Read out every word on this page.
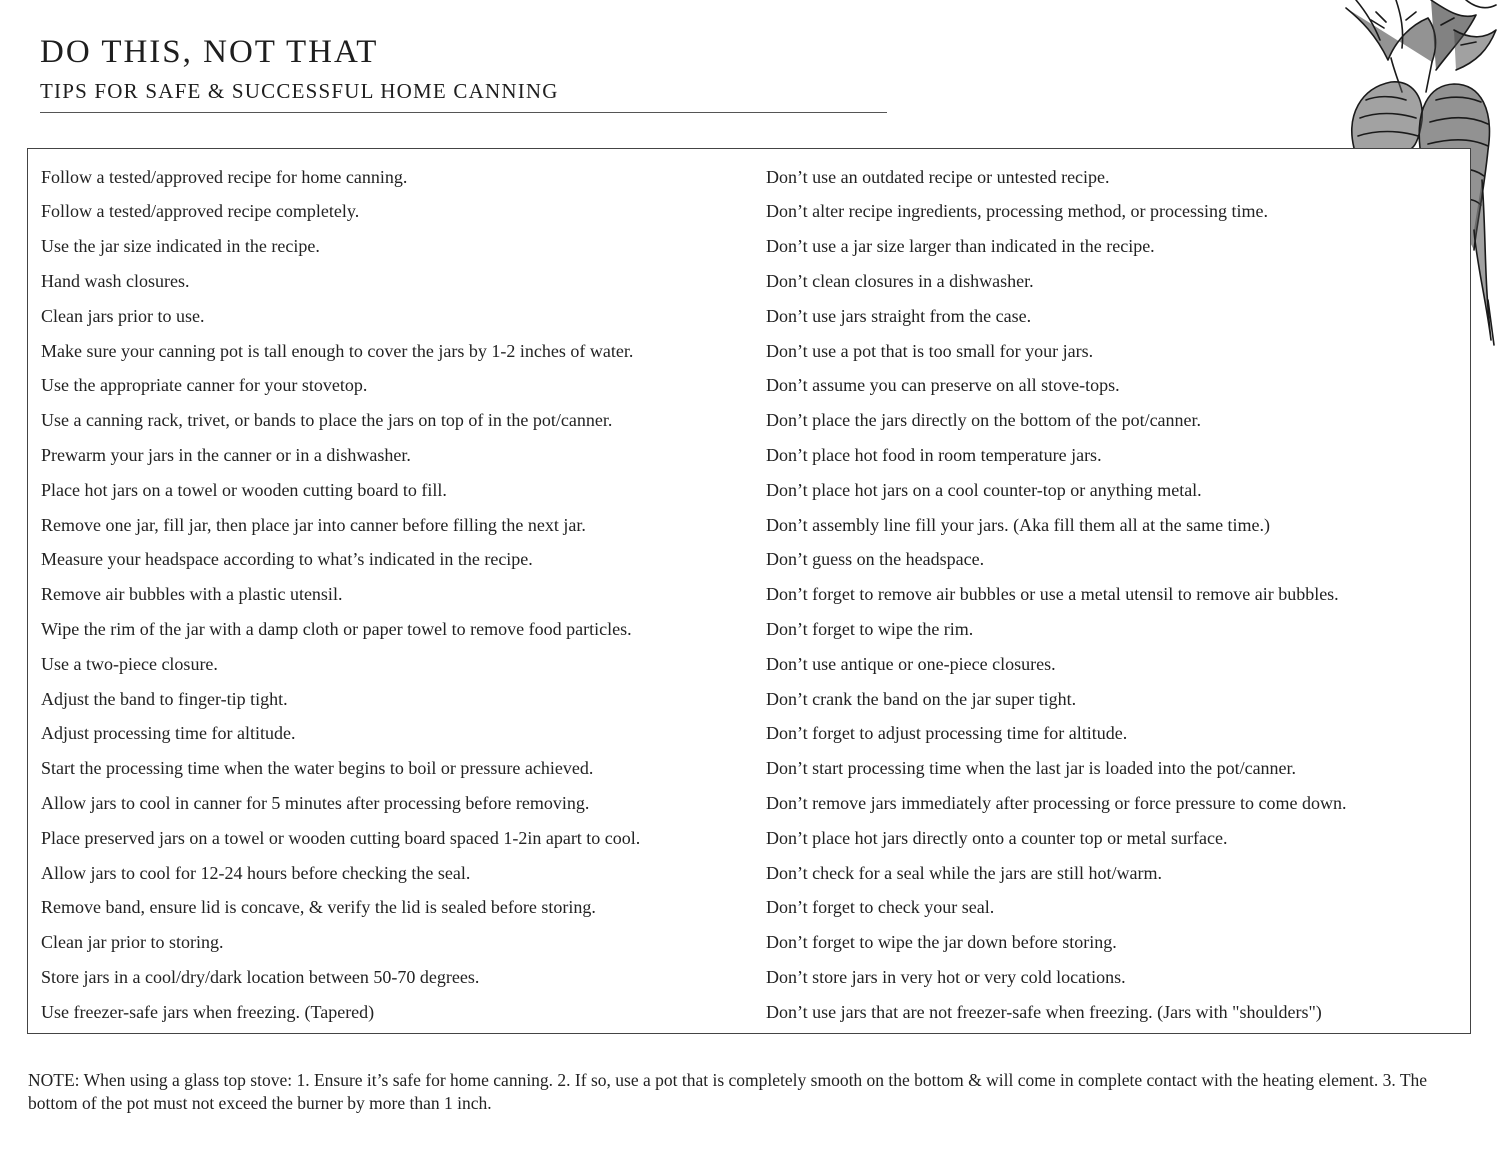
DO THIS, NOT THAT
TIPS FOR SAFE & SUCCESSFUL HOME CANNING
Follow a tested/approved recipe for home canning.	Don’t use an outdated recipe or untested recipe.
Follow a tested/approved recipe completely.	Don’t alter recipe ingredients, processing method, or processing time.
Use the jar size indicated in the recipe.	Don’t use a jar size larger than indicated in the recipe.
Hand wash closures.	Don’t clean closures in a dishwasher.
Clean jars prior to use.	Don’t use jars straight from the case.
Make sure your canning pot is tall enough to cover the jars by 1-2 inches of water.	Don’t use a pot that is too small for your jars.
Use the appropriate canner for your stovetop.	Don’t assume you can preserve on all stove-tops.
Use a canning rack, trivet, or bands to place the jars on top of in the pot/canner.	Don’t place the jars directly on the bottom of the pot/canner.
Prewarm your jars in the canner or in a dishwasher.	Don’t place hot food in room temperature jars.
Place hot jars on a towel or wooden cutting board to fill.	Don’t place hot jars on a cool counter-top or anything metal.
Remove one jar, fill jar, then place jar into canner before filling the next jar.	Don’t assembly line fill your jars. (Aka fill them all at the same time.)
Measure your headspace according to what’s indicated in the recipe.	Don’t guess on the headspace.
Remove air bubbles with a plastic utensil.	Don’t forget to remove air bubbles or use a metal utensil to remove air bubbles.
Wipe the rim of the jar with a damp cloth or paper towel to remove food particles.	Don’t forget to wipe the rim.
Use a two-piece closure.	Don’t use antique or one-piece closures.
Adjust the band to finger-tip tight.	Don’t crank the band on the jar super tight.
Adjust processing time for altitude.	Don’t forget to adjust processing time for altitude.
Start the processing time when the water begins to boil or pressure achieved.	Don’t start processing time when the last jar is loaded into the pot/canner.
Allow jars to cool in canner for 5 minutes after processing before removing.	Don’t remove jars immediately after processing or force pressure to come down.
Place preserved jars on a towel or wooden cutting board spaced 1-2in apart to cool.	Don’t place hot jars directly onto a counter top or metal surface.
Allow jars to cool for 12-24 hours before checking the seal.	Don’t check for a seal while the jars are still hot/warm.
Remove band, ensure lid is concave, & verify the lid is sealed before storing.	Don’t forget to check your seal.
Clean jar prior to storing.	Don’t forget to wipe the jar down before storing.
Store jars in a cool/dry/dark location between 50-70 degrees.	Don’t store jars in very hot or very cold locations.
Use freezer-safe jars when freezing. (Tapered)	Don’t use jars that are not freezer-safe when freezing. (Jars with "shoulders")
NOTE: When using a glass top stove: 1. Ensure it’s safe for home canning. 2. If so, use a pot that is completely smooth on the bottom & will come in complete contact with the heating element. 3. The bottom of the pot must not exceed the burner by more than 1 inch.
